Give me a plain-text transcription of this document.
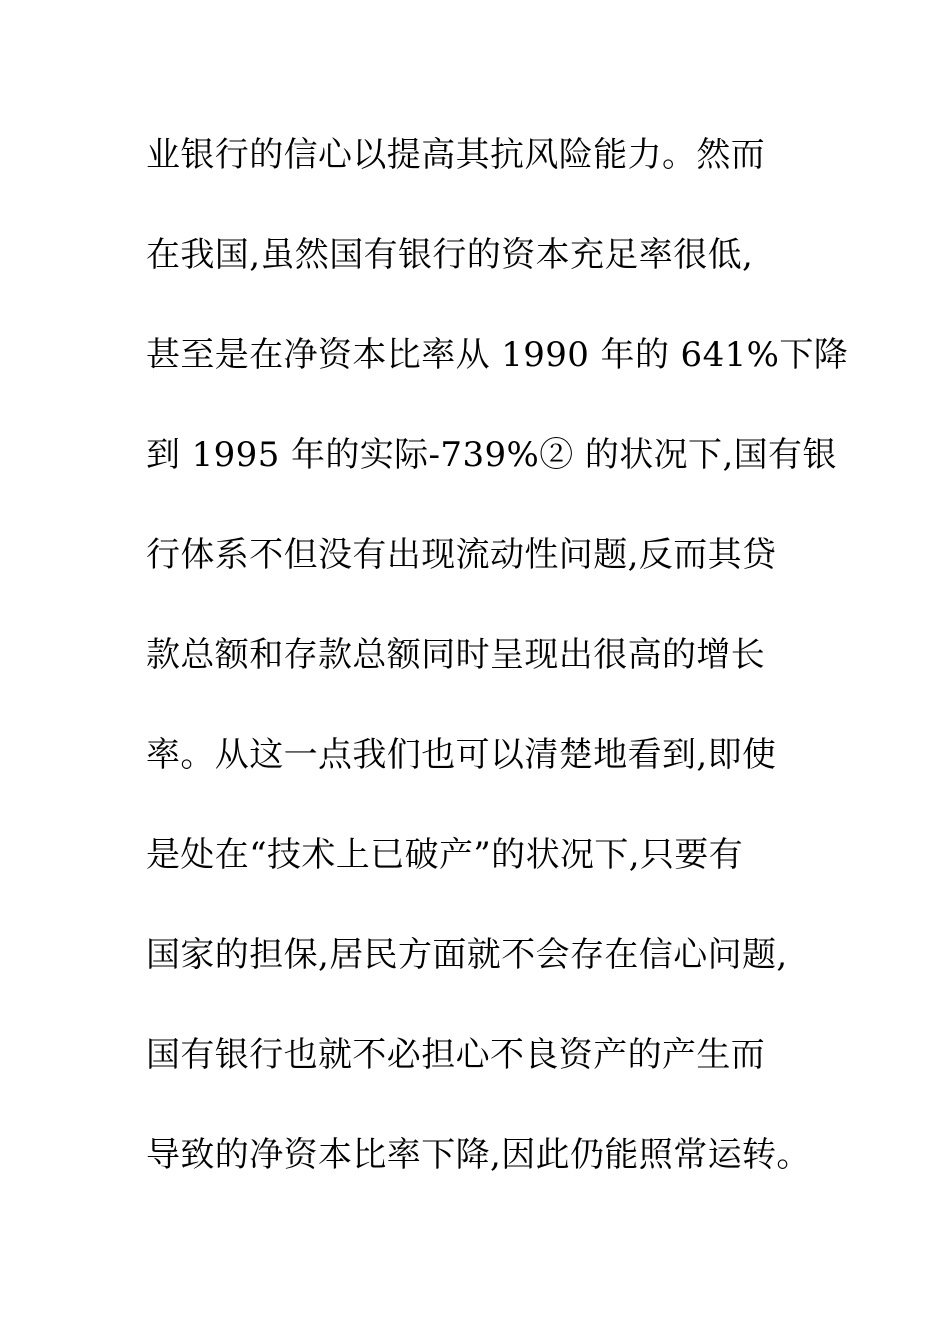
业银行的信心以提高其抗风险能力。然而
在我国,虽然国有银行的资本充足率很低,
甚至是在净资本比率从 1990 年的 641%下降
到 1995 年的实际-739%② 的状况下,国有银
行体系不但没有出现流动性问题,反而其贷
款总额和存款总额同时呈现出很高的增长
率。从这一点我们也可以清楚地看到,即使
是处在“技术上已破产”的状况下,只要有
国家的担保,居民方面就不会存在信心问题,
国有银行也就不必担心不良资产的产生而
导致的净资本比率下降,因此仍能照常运转。
